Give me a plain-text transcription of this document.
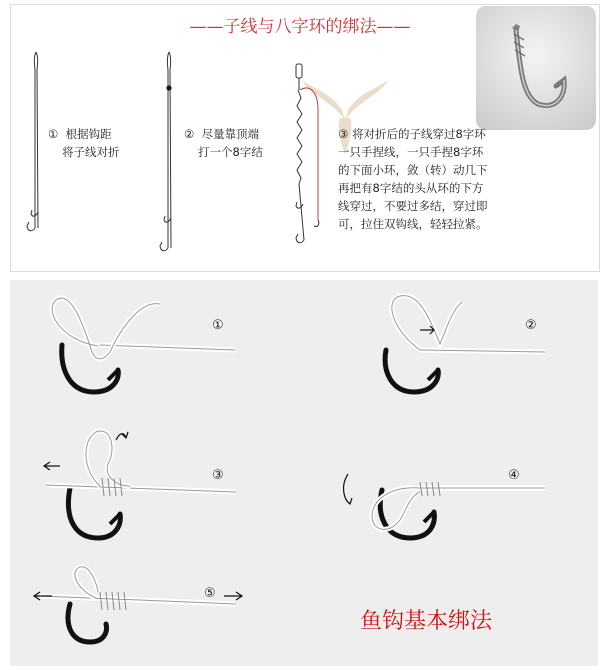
——子线与八字环的绑法——
① 根据钩距
将子线对折
② 尽量靠顶端
打一个8字结
③ 将对折后的子线穿过8字环
一只手捏线，一只手捏8字环
的下面小环，敛（转）动几下
再把有8字结的头从环的下方
线穿过，不要过多结，穿过即
可，拉住双钩线，轻轻拉紧。
①	②
③	④
⑤
鱼钩基本绑法
